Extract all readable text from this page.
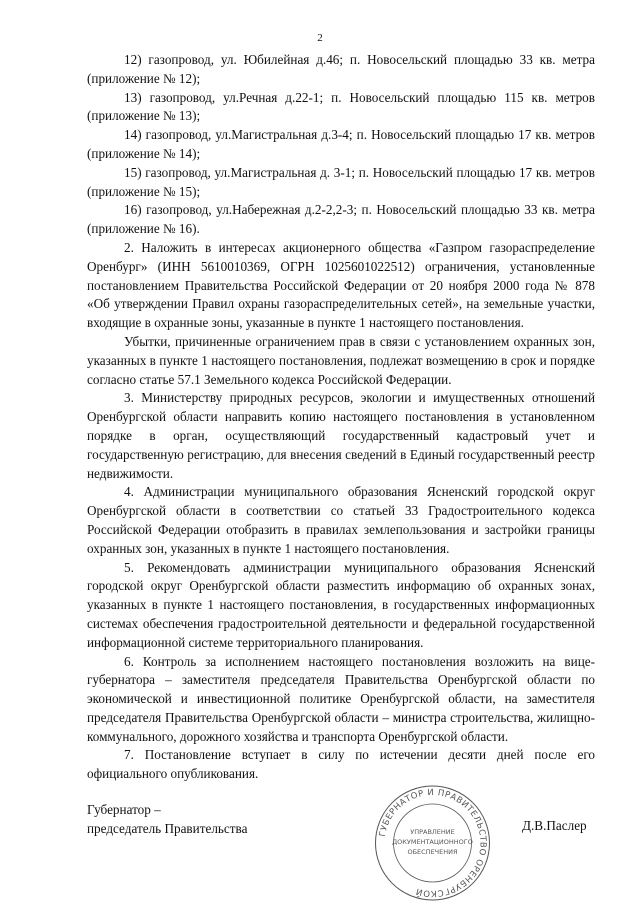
2

12) газопровод, ул. Юбилейная д.46; п. Новосельский площадью 33 кв. метра (приложение № 12);

13) газопровод, ул.Речная д.22-1; п. Новосельский площадью 115 кв. метров (приложение № 13);

14) газопровод, ул.Магистральная д.3-4; п. Новосельский площадью 17 кв. метров (приложение № 14);

15) газопровод, ул.Магистральная д. 3-1; п. Новосельский площадью 17 кв. метров (приложение № 15);

16) газопровод, ул.Набережная д.2-2,2-3; п. Новосельский площадью 33 кв. метра (приложение № 16).

2. Наложить в интересах акционерного общества «Газпром газораспределение Оренбург» (ИНН 5610010369, ОГРН 1025601022512) ограничения, установленные постановлением Правительства Российской Федерации от 20 ноября 2000 года № 878 «Об утверждении Правил охраны газораспределительных сетей», на земельные участки, входящие в охранные зоны, указанные в пункте 1 настоящего постановления.

Убытки, причиненные ограничением прав в связи с установлением охранных зон, указанных в пункте 1 настоящего постановления, подлежат возмещению в срок и порядке согласно статье 57.1 Земельного кодекса Российской Федерации.

3. Министерству природных ресурсов, экологии и имущественных отношений Оренбургской области направить копию настоящего постановления в установленном порядке в орган, осуществляющий государственный кадастровый учет и государственную регистрацию, для внесения сведений в Единый государственный реестр недвижимости.

4. Администрации муниципального образования Ясненский городской округ Оренбургской области в соответствии со статьей 33 Градостроительного кодекса Российской Федерации отобразить в правилах землепользования и застройки границы охранных зон, указанных в пункте 1 настоящего постановления.

5. Рекомендовать администрации муниципального образования Ясненский городской округ Оренбургской области разместить информацию об охранных зонах, указанных в пункте 1 настоящего постановления, в государственных информационных системах обеспечения градостроительной деятельности и федеральной государственной информационной системе территориального планирования.

6. Контроль за исполнением настоящего постановления возложить на вице-губернатора – заместителя председателя Правительства Оренбургской области по экономической и инвестиционной политике Оренбургской области, на заместителя председателя Правительства Оренбургской области – министра строительства, жилищно-коммунального, дорожного хозяйства и транспорта Оренбургской области.

7. Постановление вступает в силу по истечении десяти дней после его официального опубликования.

Губернатор –
председатель Правительства	Д.В.Паслер
ГУБЕРНАТОР И ПРАВИТЕЛЬСТВО ОРЕНБУРГСКОЙ
УПРАВЛЕНИЕ
ДОКУМЕНТАЦИОННОГО
ОБЕСПЕЧЕНИЯ
